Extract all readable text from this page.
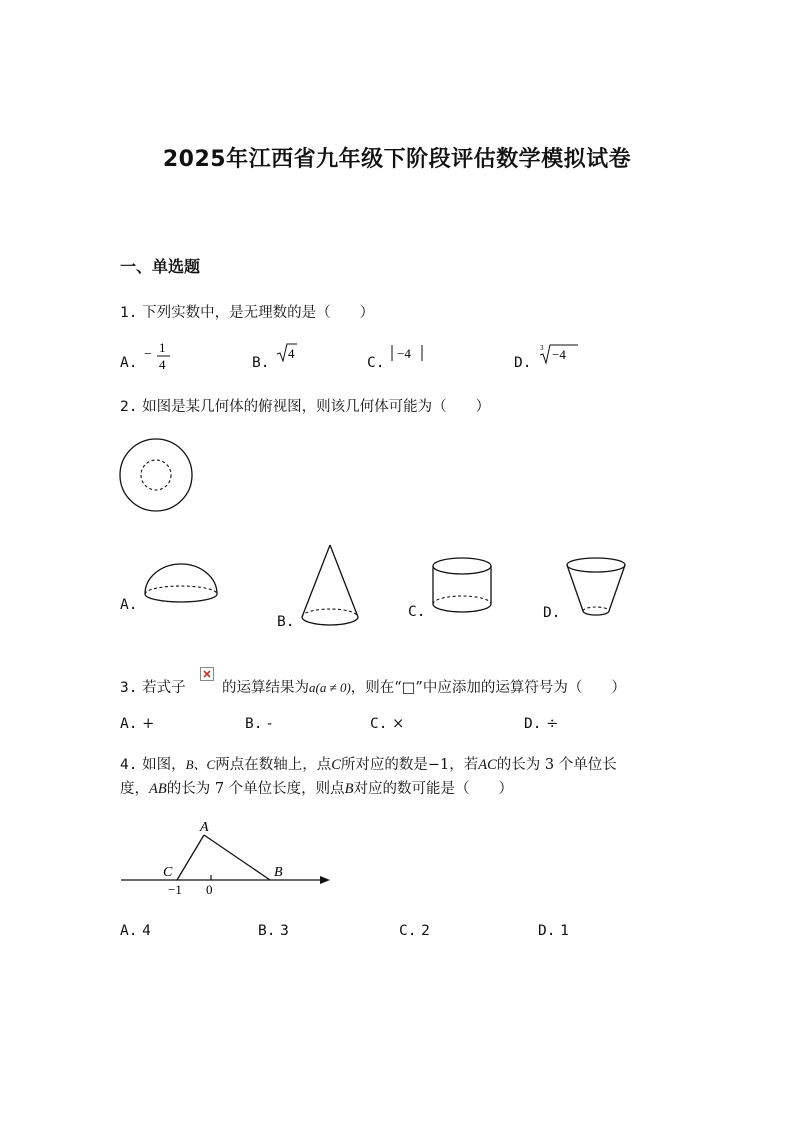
2025年江西省九年级下阶段评估数学模拟试卷
一、单选题
1. 下列实数中，是无理数的是（　　）
A.
− 1
4	B.
4
C.
−4
D.
3 −4
2. 如图是某几何体的俯视图，则该几何体可能为（　　）
A.
B.
C.	D.
3. 若式子	的运算结果为a(a ≠ 0)，则在“□”中应添加的运算符号为（　　）
A. +	B. -	C. ×	D. ÷
4. 如图，B、C两点在数轴上，点C所对应的数是−1，若AC的长为 3 个单位长
度，AB的长为 7 个单位长度，则点B对应的数可能是（　　）
A
B
C
−1 0
A. 4	B. 3	C. 2	D. 1
